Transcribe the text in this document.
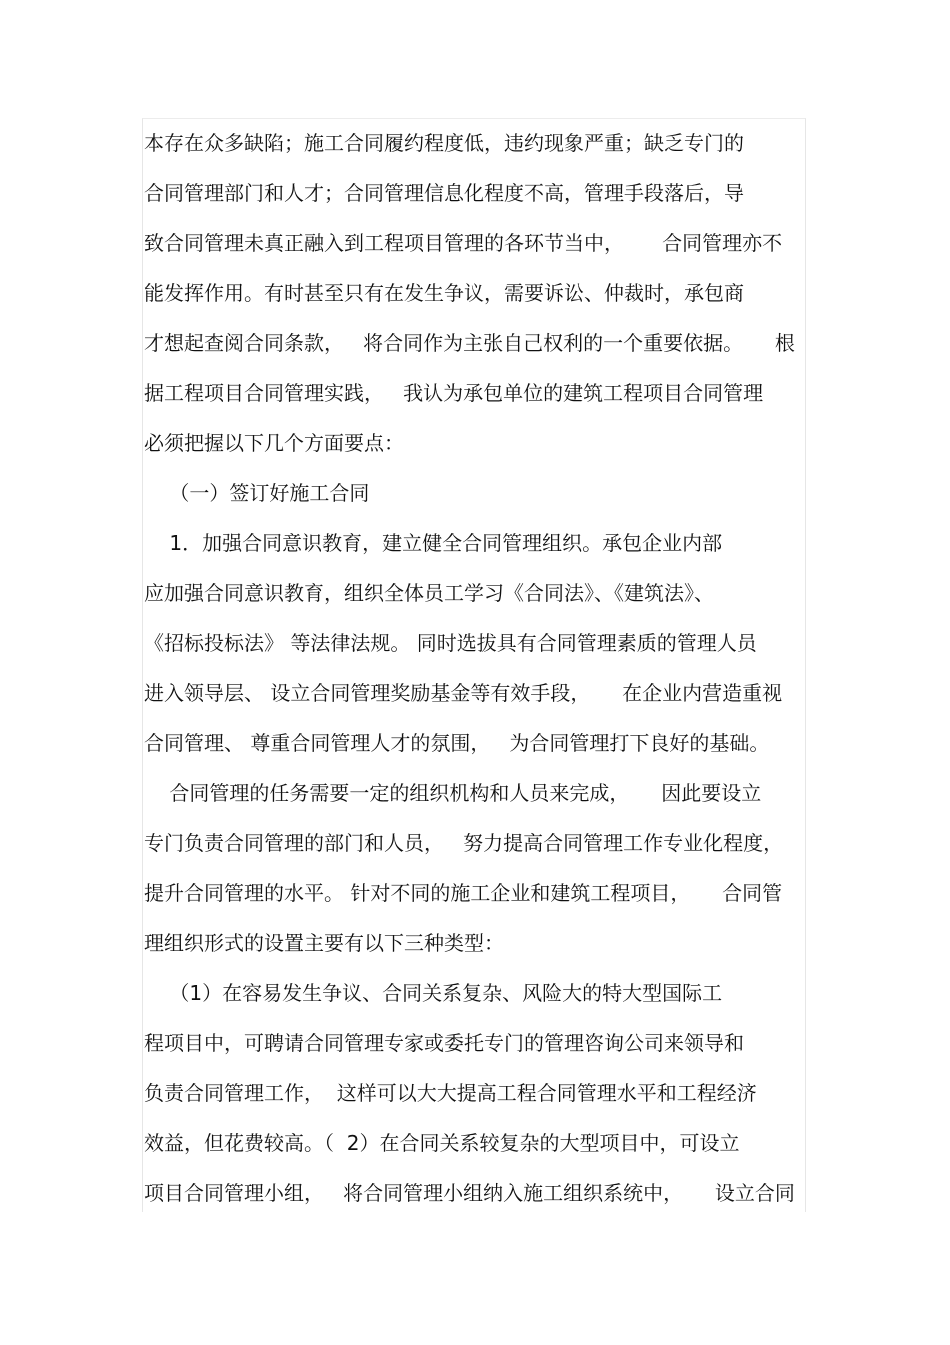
本存在众多缺陷；施工合同履约程度低，违约现象严重；缺乏专门的
合同管理部门和人才；合同管理信息化程度不高，管理手段落后，导
致合同管理未真正融入到工程项目管理的各环节当中，      合同管理亦不
能发挥作用。有时甚至只有在发生争议，需要诉讼、仲裁时，承包商
才想起查阅合同条款，   将合同作为主张自己权利的一个重要依据。     根
据工程项目合同管理实践，   我认为承包单位的建筑工程项目合同管理
必须把握以下几个方面要点：
（一）签订好施工合同
1．加强合同意识教育，建立健全合同管理组织。承包企业内部
应加强合同意识教育，组织全体员工学习《合同法》、《建筑法》、
《招标投标法》 等法律法规。 同时选拔具有合同管理素质的管理人员
进入领导层、 设立合同管理奖励基金等有效手段，     在企业内营造重视
合同管理、 尊重合同管理人才的氛围，   为合同管理打下良好的基础。
合同管理的任务需要一定的组织机构和人员来完成，     因此要设立
专门负责合同管理的部门和人员，   努力提高合同管理工作专业化程度，
提升合同管理的水平。 针对不同的施工企业和建筑工程项目，     合同管
理组织形式的设置主要有以下三种类型：
（1）在容易发生争议、合同关系复杂、风险大的特大型国际工
程项目中，可聘请合同管理专家或委托专门的管理咨询公司来领导和
负责合同管理工作，  这样可以大大提高工程合同管理水平和工程经济
效益，但花费较高。（  2）在合同关系较复杂的大型项目中，可设立
项目合同管理小组，   将合同管理小组纳入施工组织系统中，     设立合同
